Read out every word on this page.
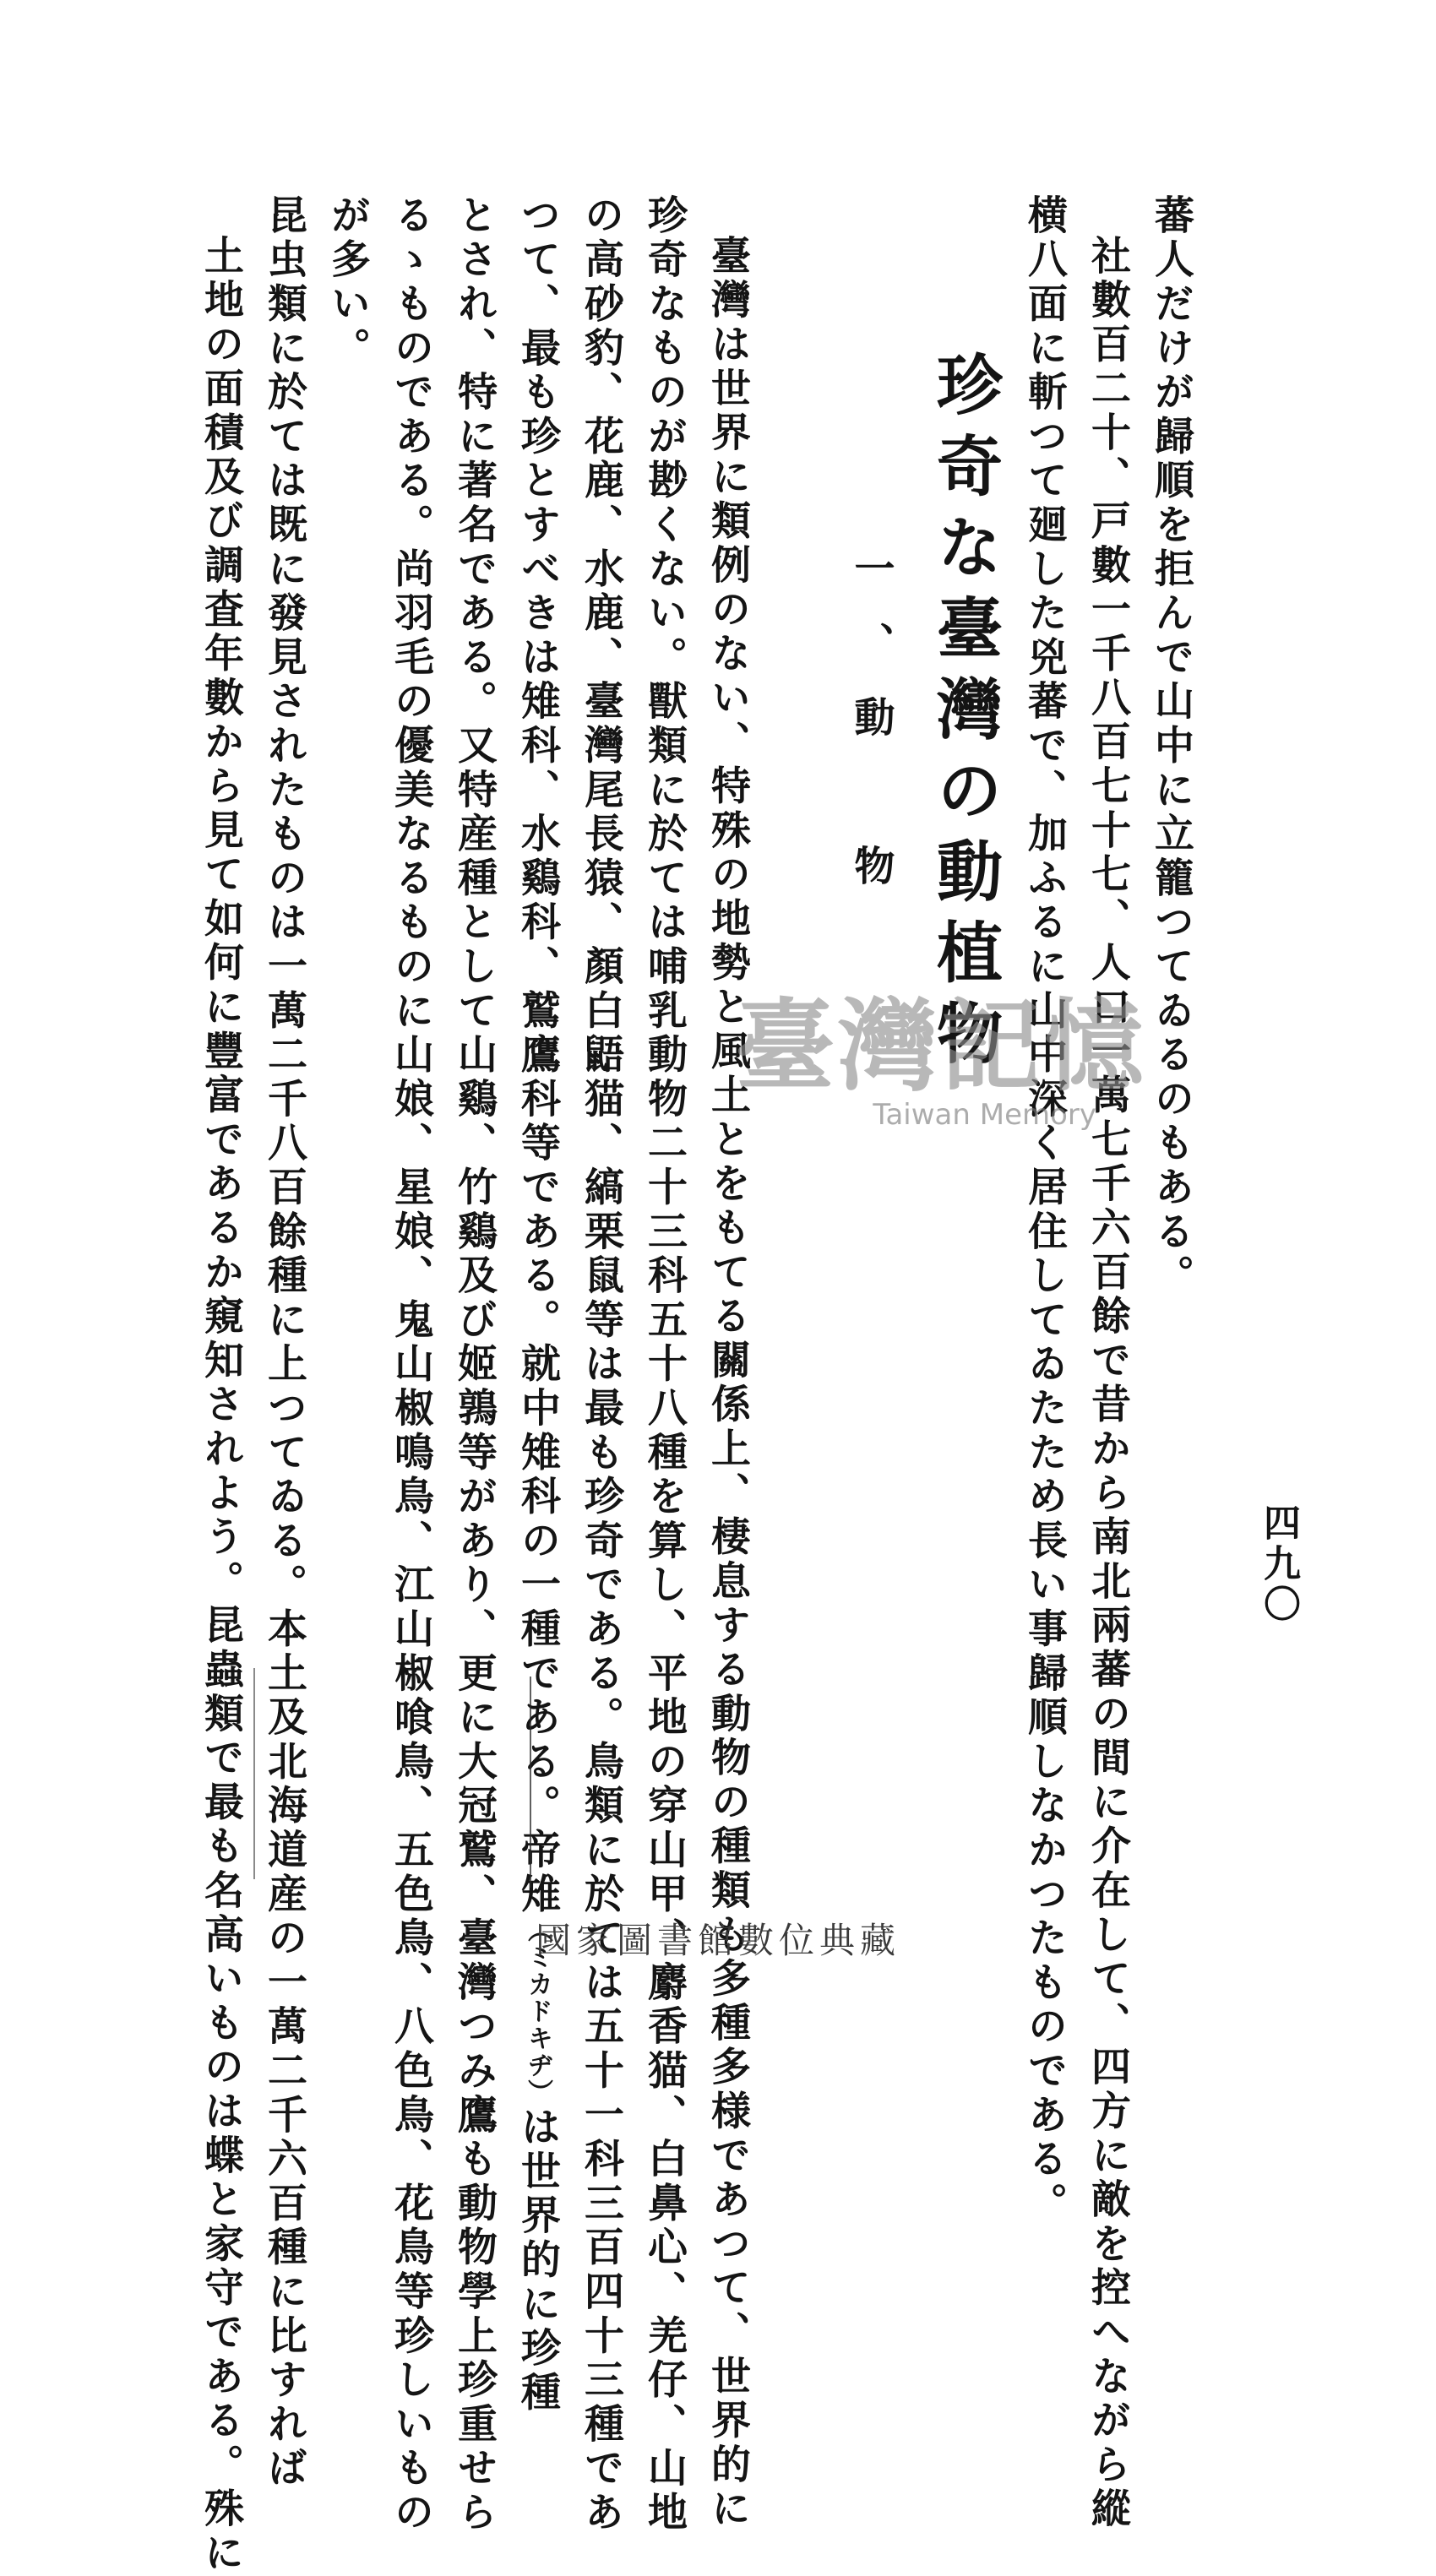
四九〇
蕃人だけが歸順を拒んで山中に立籠つてゐるのもある。
社數百二十、戸數一千八百七十七、人口一萬七千六百餘で昔から南北兩蕃の間に介在して、四方に敵を控へながら縱
横八面に斬つて廻した兇蕃で、加ふるに山中深く居住してゐたため長い事歸順しなかつたものである。
珍奇な臺灣の動植物
一、動　物
臺灣は世界に類例のない、特殊の地勢と風土とをもてる關係上、棲息する動物の種類も多種多様であつて、世界的に
珍奇なものが尠くない。獸類に於ては哺乳動物二十三科五十八種を算し、平地の穿山甲、麝香猫、白鼻心、羌仔、山地
の高砂豹、花鹿、水鹿、臺灣尾長猿、顏白鼯猫、縞栗鼠等は最も珍奇である。鳥類に於ては五十一科三百四十三種であ
つて、最も珍とすべきは雉科、水鷄科、鷲鷹科等である。就中雉科の一種である。帝雉（ミカドキヂ）は世界的に珍種
とされ、特に著名である。又特産種として山鷄、竹鷄及び姬鶉等があり、更に大冠鷲、臺灣つみ鷹も動物學上珍重せら
るゝものである。尚羽毛の優美なるものに山娘、星娘、鬼山椒鳴鳥、江山椒喰鳥、五色鳥、八色鳥、花鳥等珍しいもの
が多い。
昆虫類に於ては既に發見されたものは一萬二千八百餘種に上つてゐる。本土及北海道産の一萬二千六百種に比すれば
土地の面積及び調査年數から見て如何に豐富であるか窺知されよう。昆蟲類で最も名高いものは蝶と家守である。殊に	臺灣記憶
Taiwan Memory
國家圖書館數位典藏
